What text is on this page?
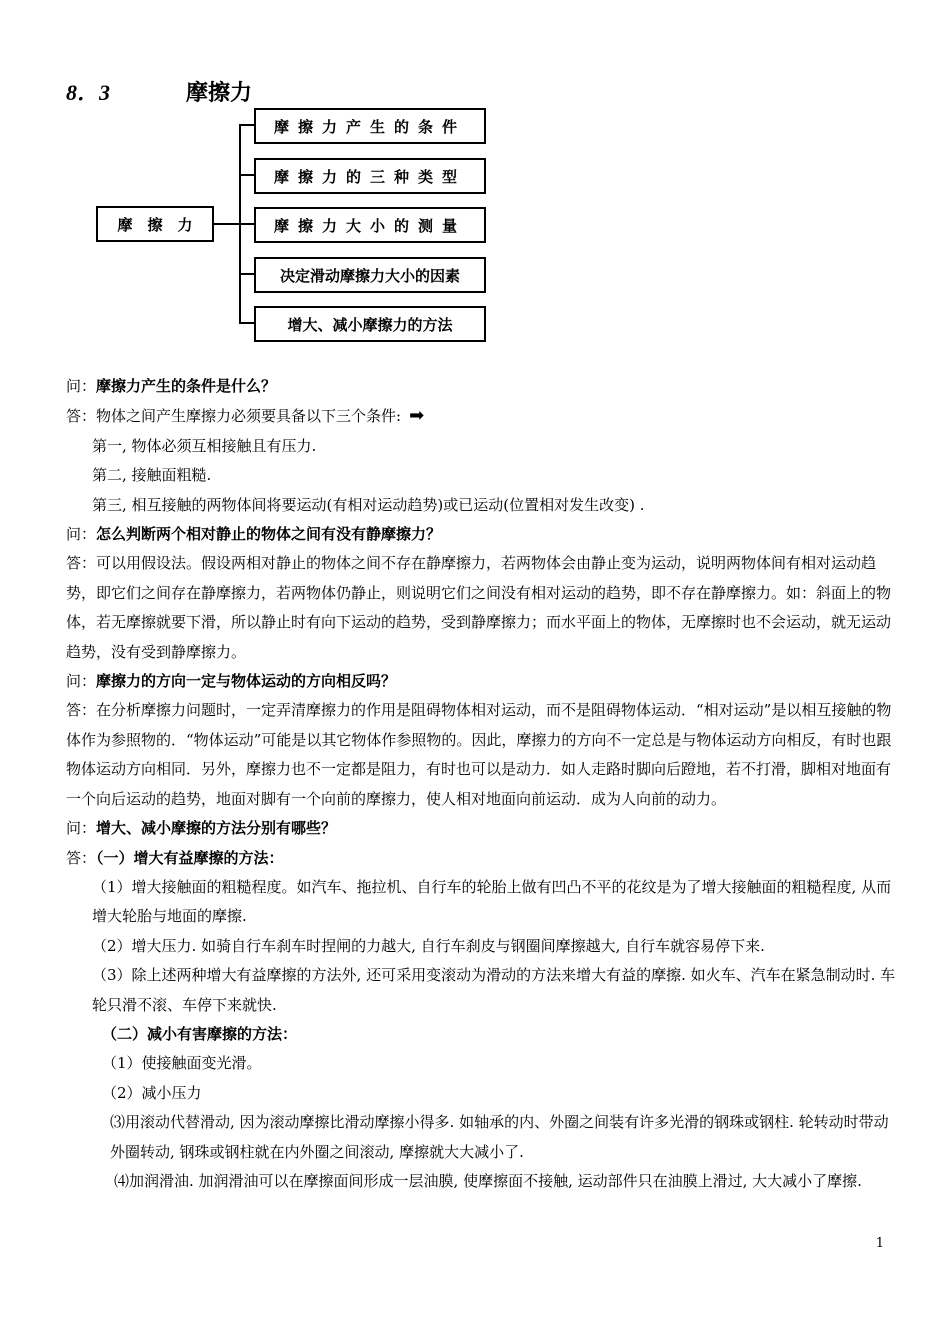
8．3	摩擦力
摩　擦　力
摩擦力产生的条件
摩擦力的三种类型
摩擦力大小的测量
决定滑动摩擦力大小的因素
增大、减小摩擦力的方法

问：摩擦力产生的条件是什么？

答：物体之间产生摩擦力必须要具备以下三个条件: ➡

第一, 物体必须互相接触且有压力.

第二, 接触面粗糙.

第三, 相互接触的两物体间将要运动(有相对运动趋势)或已运动(位置相对发生改变) .

问：怎么判断两个相对静止的物体之间有没有静摩擦力？

答：可以用假设法。假设两相对静止的物体之间不存在静摩擦力，若两物体会由静止变为运动，说明两物体间有相对运动趋势，即它们之间存在静摩擦力，若两物体仍静止，则说明它们之间没有相对运动的趋势，即不存在静摩擦力。如：斜面上的物体，若无摩擦就要下滑，所以静止时有向下运动的趋势，受到静摩擦力；而水平面上的物体，无摩擦时也不会运动，就无运动趋势，没有受到静摩擦力。

问：摩擦力的方向一定与物体运动的方向相反吗？

答：在分析摩擦力问题时，一定弄清摩擦力的作用是阻碍物体相对运动，而不是阻碍物体运动．“相对运动”是以相互接触的物体作为参照物的．“物体运动”可能是以其它物体作参照物的。因此，摩擦力的方向不一定总是与物体运动方向相反，有时也跟物体运动方向相同．另外，摩擦力也不一定都是阻力，有时也可以是动力．如人走路时脚向后蹬地，若不打滑，脚相对地面有一个向后运动的趋势，地面对脚有一个向前的摩擦力，使人相对地面向前运动．成为人向前的动力。

问：增大、减小摩擦的方法分别有哪些？

答：（一）增大有益摩擦的方法：

（1）增大接触面的粗糙程度。如汽车、拖拉机、自行车的轮胎上做有凹凸不平的花纹是为了增大接触面的粗糙程度, 从而增大轮胎与地面的摩擦.

（2）增大压力. 如骑自行车刹车时捏闸的力越大, 自行车刹皮与钢圈间摩擦越大, 自行车就容易停下来.

（3）除上述两种增大有益摩擦的方法外, 还可采用变滚动为滑动的方法来增大有益的摩擦. 如火车、汽车在紧急制动时. 车轮只滑不滚、车停下来就快.

（二）减小有害摩擦的方法：

（1）使接触面变光滑。

（2）减小压力

⑶用滚动代替滑动, 因为滚动摩擦比滑动摩擦小得多. 如轴承的内、外圈之间装有许多光滑的钢珠或钢柱. 轮转动时带动外圈转动, 钢珠或钢柱就在内外圈之间滚动, 摩擦就大大减小了.

⑷加润滑油. 加润滑油可以在摩擦面间形成一层油膜, 使摩擦面不接触, 运动部件只在油膜上滑过, 大大减小了摩擦.

1
